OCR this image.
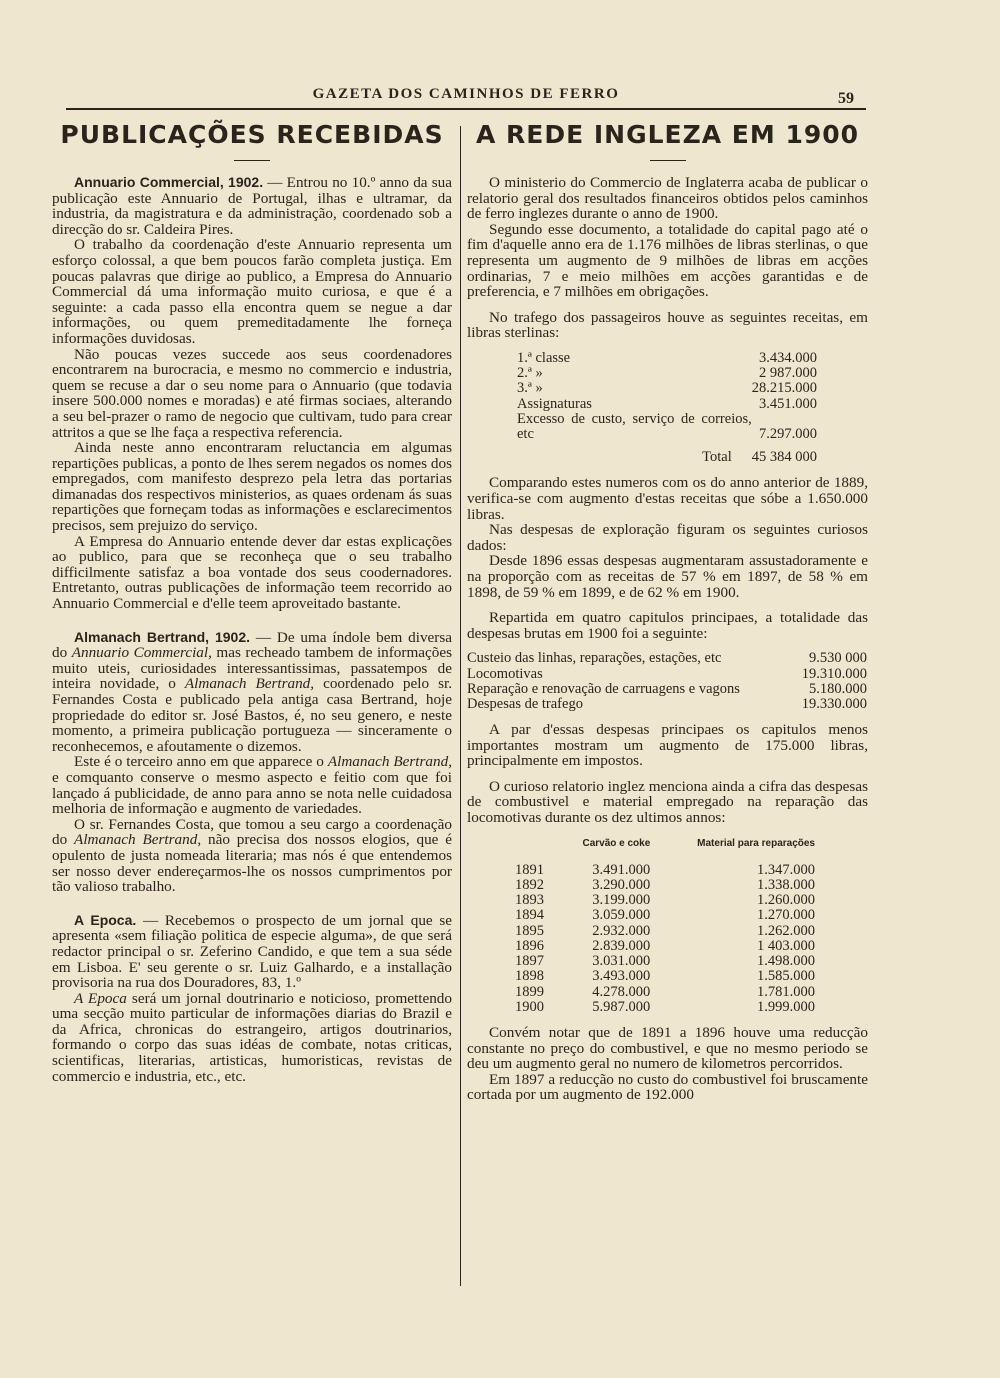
GAZETA DOS CAMINHOS DE FERRO	59
PUBLICAÇÕES RECEBIDAS

Annuario Commercial, 1902. — Entrou no 10.º anno da sua publicação este Annuario de Portugal, ilhas e ultramar, da industria, da magistratura e da administração, coordenado sob a direcção do sr. Caldeira Pires.

O trabalho da coordenação d'este Annuario representa um esforço colossal, a que bem poucos farão completa justiça. Em poucas palavras que dirige ao publico, a Empresa do Annuario Commercial dá uma informação muito curiosa, e que é a seguinte: a cada passo ella encontra quem se negue a dar informações, ou quem premeditadamente lhe forneça informações duvidosas.

Não poucas vezes succede aos seus coordenadores encontrarem na burocracia, e mesmo no commercio e industria, quem se recuse a dar o seu nome para o Annuario (que todavia insere 500.000 nomes e moradas) e até firmas sociaes, alterando a seu bel-prazer o ramo de negocio que cultivam, tudo para crear attritos a que se lhe faça a respectiva referencia.

Ainda neste anno encontraram reluctancia em algumas repartições publicas, a ponto de lhes serem negados os nomes dos empregados, com manifesto desprezo pela letra das portarias dimanadas dos respectivos ministerios, as quaes ordenam ás suas repartições que forneçam todas as informações e esclarecimentos precisos, sem prejuizo do serviço.

A Empresa do Annuario entende dever dar estas explicações ao publico, para que se reconheça que o seu trabalho difficilmente satisfaz a boa vontade dos seus coodernadores. Entretanto, outras publicações de informação teem recorrido ao Annuario Commercial e d'elle teem aproveitado bastante.

Almanach Bertrand, 1902. — De uma índole bem diversa do Annuario Commercial, mas recheado tambem de informações muito uteis, curiosidades interessantissimas, passatempos de inteira novidade, o Almanach Bertrand, coordenado pelo sr. Fernandes Costa e publicado pela antiga casa Bertrand, hoje propriedade do editor sr. José Bastos, é, no seu genero, e neste momento, a primeira publicação portugueza — sinceramente o reconhecemos, e afoutamente o dizemos.

Este é o terceiro anno em que apparece o Almanach Bertrand, e comquanto conserve o mesmo aspecto e feitio com que foi lançado á publicidade, de anno para anno se nota nelle cuidadosa melhoria de informação e augmento de variedades.

O sr. Fernandes Costa, que tomou a seu cargo a coordenação do Almanach Bertrand, não precisa dos nossos elogios, que é opulento de justa nomeada literaria; mas nós é que entendemos ser nosso dever endereçarmos-lhe os nossos cumprimentos por tão valioso trabalho.

A Epoca. — Recebemos o prospecto de um jornal que se apresenta «sem filiação politica de especie alguma», de que será redactor principal o sr. Zeferino Candido, e que tem a sua séde em Lisboa. E' seu gerente o sr. Luiz Galhardo, e a installação provisoria na rua dos Douradores, 83, 1.º

A Epoca será um jornal doutrinario e noticioso, promettendo uma secção muito particular de informações diarias do Brazil e da Africa, chronicas do estrangeiro, artigos doutrinarios, formando o corpo das suas idéas de combate, notas criticas, scientificas, literarias, artisticas, humoristicas, revistas de commercio e industria, etc., etc.

A REDE INGLEZA EM 1900

O ministerio do Commercio de Inglaterra acaba de publicar o relatorio geral dos resultados financeiros obtidos pelos caminhos de ferro inglezes durante o anno de 1900.

Segundo esse documento, a totalidade do capital pago até o fim d'aquelle anno era de 1.176 milhões de libras sterlinas, o que representa um augmento de 9 milhões de libras em acções ordinarias, 7 e meio milhões em acções garantidas e de preferencia, e 7 milhões em obrigações.

No trafego dos passageiros houve as seguintes receitas, em libras sterlinas:

1.ª classe	3.434.000
2.ª »	2 987.000
3.ª »	28.215.000
Assignaturas	3.451.000
Excesso de custo, serviço de correios, etc	7.297.000
Total	45 384 000

Comparando estes numeros com os do anno anterior de 1889, verifica-se com augmento d'estas receitas que sóbe a 1.650.000 libras.

Nas despesas de exploração figuram os seguintes curiosos dados:

Desde 1896 essas despesas augmentaram assustadoramente e na proporção com as receitas de 57 % em 1897, de 58 % em 1898, de 59 % em 1899, e de 62 % em 1900.

Repartida em quatro capitulos principaes, a totalidade das despesas brutas em 1900 foi a seguinte:

Custeio das linhas, reparações, estações, etc	9.530 000
Locomotivas	19.310.000
Reparação e renovação de carruagens e vagons	5.180.000
Despesas de trafego	19.330.000

A par d'essas despesas principaes os capitulos menos importantes mostram um augmento de 175.000 libras, principalmente em impostos.

O curioso relatorio inglez menciona ainda a cifra das despesas de combustivel e material empregado na reparação das locomotivas durante os dez ultimos annos:

	Carvão e coke	Material para reparações
1891	3.491.000	1.347.000
1892	3.290.000	1.338.000
1893	3.199.000	1.260.000
1894	3.059.000	1.270.000
1895	2.932.000	1.262.000
1896	2.839.000	1 403.000
1897	3.031.000	1.498.000
1898	3.493.000	1.585.000
1899	4.278.000	1.781.000
1900	5.987.000	1.999.000

Convém notar que de 1891 a 1896 houve uma reducção constante no preço do combustivel, e que no mesmo periodo se deu um augmento geral no numero de kilometros percorridos.

Em 1897 a reducção no custo do combustivel foi bruscamente cortada por um augmento de 192.000
